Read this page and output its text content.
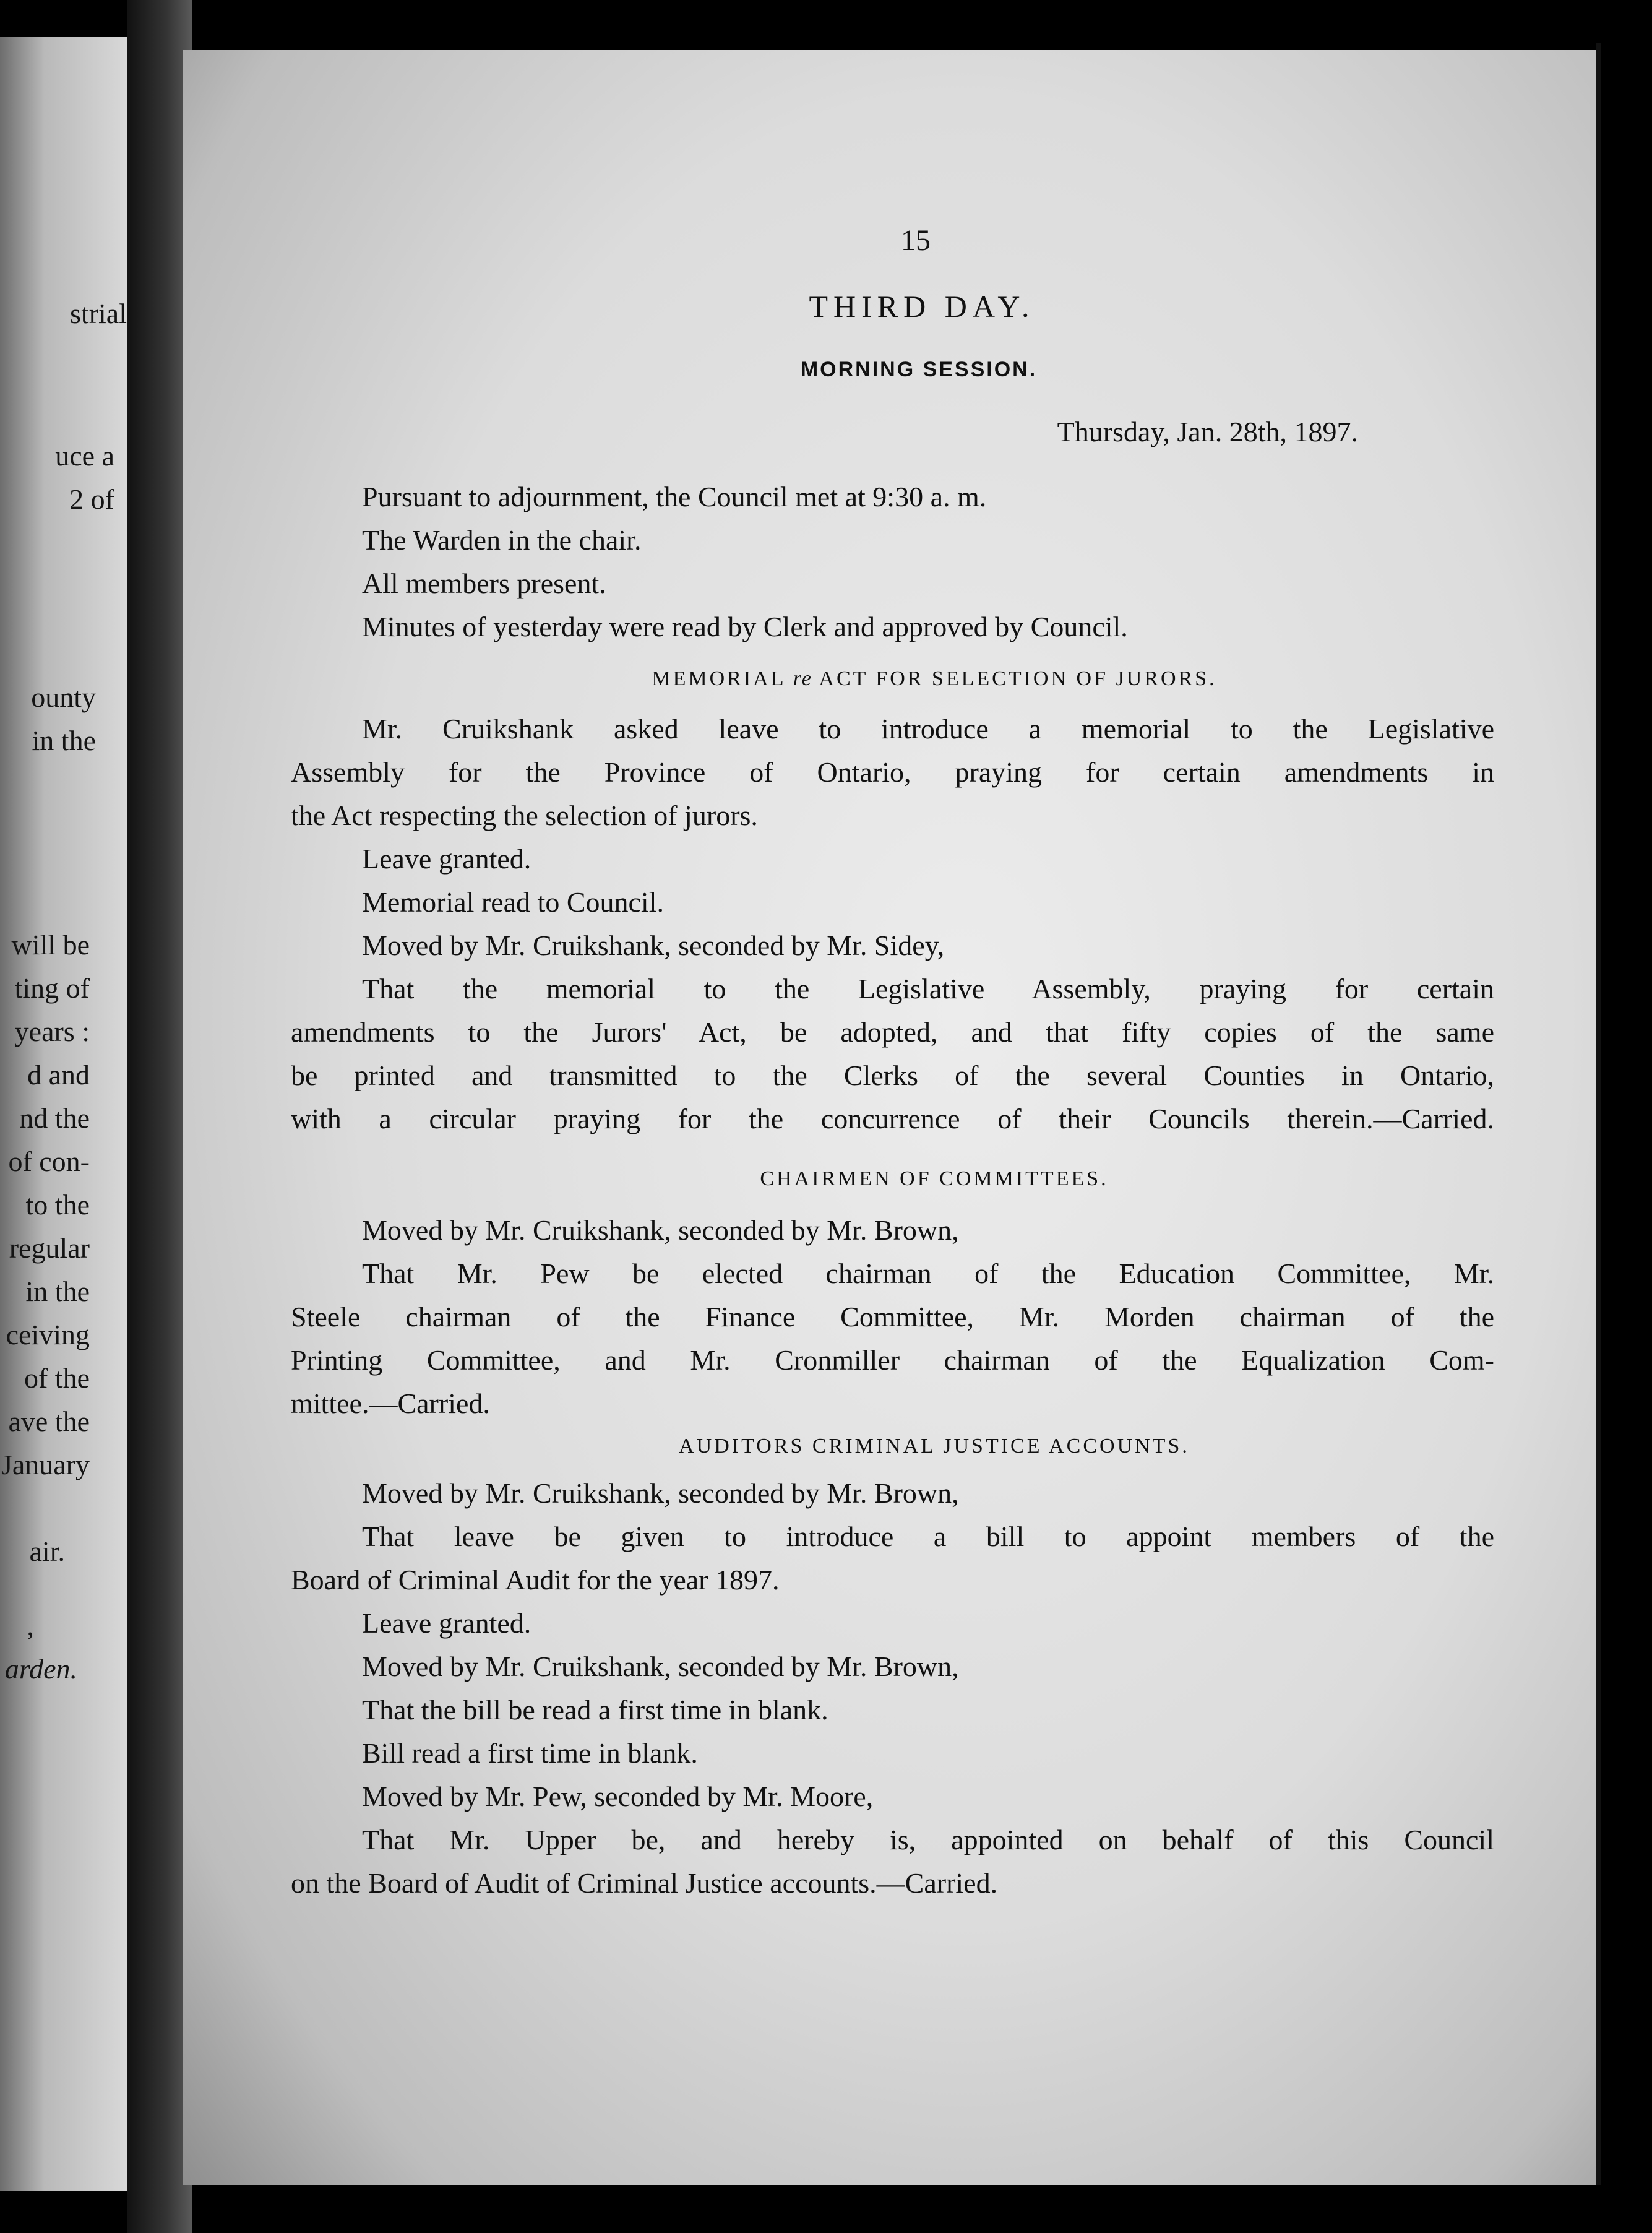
strial
uce a
2 of
ounty
in the
will be
ting of
years :
d and
nd the
of con-
to the
regular
in the
ceiving
of the
ave the
January
air.
,
arden.
15
THIRD DAY.
MORNING SESSION.
Thursday, Jan. 28th, 1897.
Pursuant to adjournment, the Council met at 9:30 a. m.
The Warden in the chair.
All members present.
Minutes of yesterday were read by Clerk and approved by Council.
MEMORIAL re ACT FOR SELECTION OF JURORS.
Mr. Cruikshank asked leave to introduce a memorial to the Legislative
Assembly for the Province of Ontario, praying for certain amendments in
the Act respecting the selection of jurors.
Leave granted.
Memorial read to Council.
Moved by Mr. Cruikshank, seconded by Mr. Sidey,
That the memorial to the Legislative Assembly, praying for certain
amendments to the Jurors' Act, be adopted, and that fifty copies of the same
be printed and transmitted to the Clerks of the several Counties in Ontario,
with a circular praying for the concurrence of their Councils therein.—Carried.
CHAIRMEN OF COMMITTEES.
Moved by Mr. Cruikshank, seconded by Mr. Brown,
That Mr. Pew be elected chairman of the Education Committee, Mr.
Steele chairman of the Finance Committee, Mr. Morden chairman of the
Printing Committee, and Mr. Cronmiller chairman of the Equalization Com-
mittee.—Carried.
AUDITORS CRIMINAL JUSTICE ACCOUNTS.
Moved by Mr. Cruikshank, seconded by Mr. Brown,
That leave be given to introduce a bill to appoint members of the
Board of Criminal Audit for the year 1897.
Leave granted.
Moved by Mr. Cruikshank, seconded by Mr. Brown,
That the bill be read a first time in blank.
Bill read a first time in blank.
Moved by Mr. Pew, seconded by Mr. Moore,
That Mr. Upper be, and hereby is, appointed on behalf of this Council
on the Board of Audit of Criminal Justice accounts.—Carried.
